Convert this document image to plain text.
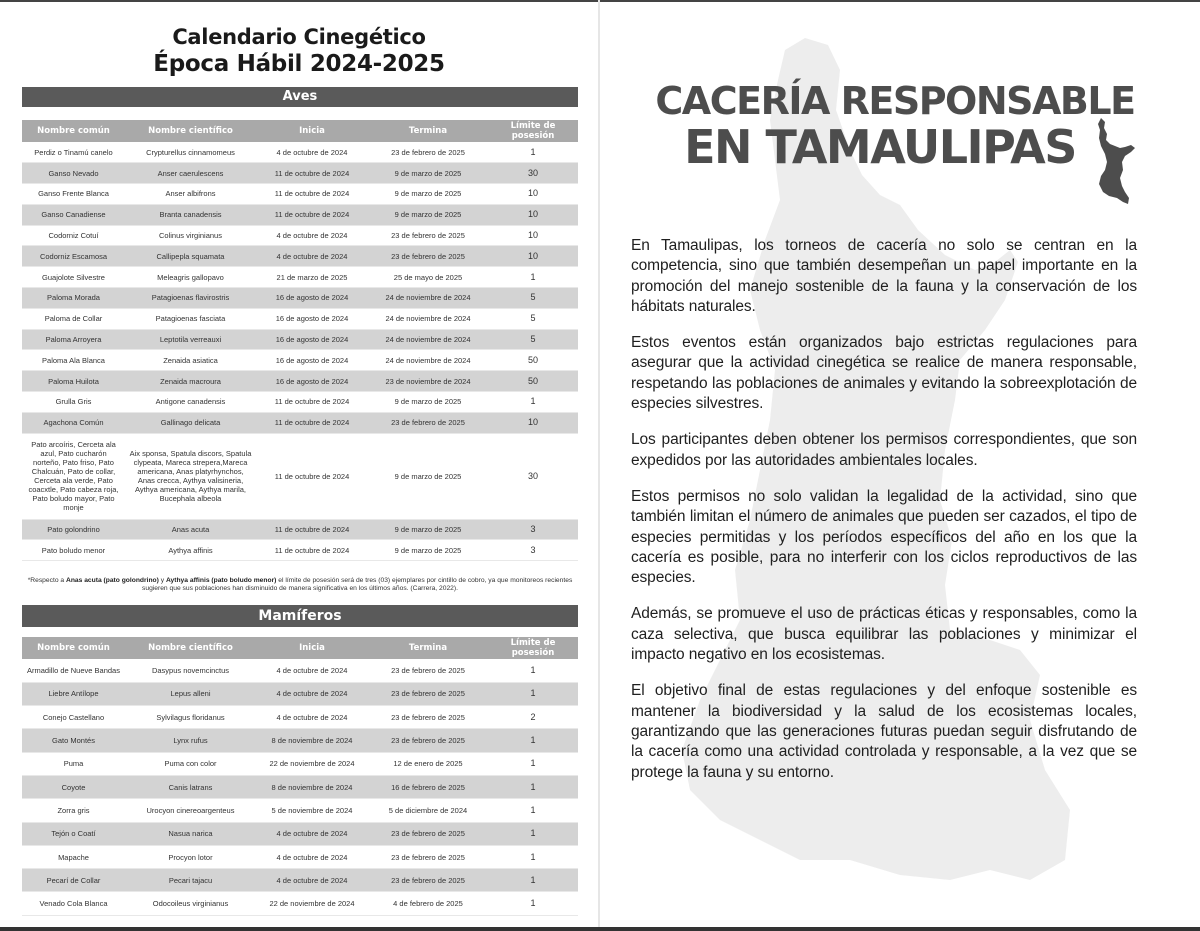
Calendario Cinegético
Época Hábil 2024-2025
Aves
Nombre común	Nombre científico	Inicia	Termina	Límite de posesión
Perdiz o Tinamú canelo	Crypturellus cinnamomeus	4 de octubre de 2024	23 de febrero de 2025	1
Ganso Nevado	Anser caerulescens	11 de octubre de 2024	9 de marzo de 2025	30
Ganso Frente Blanca	Anser albifrons	11 de octubre de 2024	9 de marzo de 2025	10
Ganso Canadiense	Branta canadensis	11 de octubre de 2024	9 de marzo de 2025	10
Codorniz Cotuí	Colinus virginianus	4 de octubre de 2024	23 de febrero de 2025	10
Codorniz Escamosa	Callipepla squamata	4 de octubre de 2024	23 de febrero de 2025	10
Guajolote Silvestre	Meleagris gallopavo	21 de marzo de 2025	25 de mayo de 2025	1
Paloma Morada	Patagioenas flavirostris	16 de agosto de 2024	24 de noviembre de 2024	5
Paloma de Collar	Patagioenas fasciata	16 de agosto de 2024	24 de noviembre de 2024	5
Paloma Arroyera	Leptotila verreauxi	16 de agosto de 2024	24 de noviembre de 2024	5
Paloma Ala Blanca	Zenaida asiatica	16 de agosto de 2024	24 de noviembre de 2024	50
Paloma Huilota	Zenaida macroura	16 de agosto de 2024	23 de noviembre de 2024	50
Grulla Gris	Antigone canadensis	11 de octubre de 2024	9 de marzo de 2025	1
Agachona Común	Gallinago delicata	11 de octubre de 2024	23 de febrero de 2025	10
Pato arcoíris, Cerceta ala azul, Pato cucharón norteño, Pato friso, Pato Chalcuán, Pato de collar, Cerceta ala verde, Pato coacxtle, Pato cabeza roja, Pato boludo mayor, Pato monje	Aix sponsa, Spatula discors, Spatula clypeata, Mareca strepera,Mareca americana, Anas platyrhynchos, Anas crecca, Aythya valisineria, Aythya americana, Aythya marila, Bucephala albeola	11 de octubre de 2024	9 de marzo de 2025	30
Pato golondrino	Anas acuta	11 de octubre de 2024	9 de marzo de 2025	3
Pato boludo menor	Aythya affinis	11 de octubre de 2024	9 de marzo de 2025	3

*Respecto a Anas acuta (pato golondrino) y Aythya affinis (pato boludo menor) el límite de posesión será de tres (03) ejemplares por cintillo de cobro, ya que monitoreos recientes sugieren que sus poblaciones han disminuido de manera significativa en los últimos años. (Carrera, 2022).

Mamíferos
Nombre común	Nombre científico	Inicia	Termina	Límite de posesión
Armadillo de Nueve Bandas	Dasypus novemcinctus	4 de octubre de 2024	23 de febrero de 2025	1
Liebre Antílope	Lepus alleni	4 de octubre de 2024	23 de febrero de 2025	1
Conejo Castellano	Sylvilagus floridanus	4 de octubre de 2024	23 de febrero de 2025	2
Gato Montés	Lynx rufus	8 de noviembre de 2024	23 de febrero de 2025	1
Puma	Puma con color	22 de noviembre de 2024	12 de enero de 2025	1
Coyote	Canis latrans	8 de noviembre de 2024	16 de febrero de 2025	1
Zorra gris	Urocyon cinereoargenteus	5 de noviembre de 2024	5 de diciembre de 2024	1
Tejón o Coatí	Nasua narica	4 de octubre de 2024	23 de febrero de 2025	1
Mapache	Procyon lotor	4 de octubre de 2024	23 de febrero de 2025	1
Pecarí de Collar	Pecari tajacu	4 de octubre de 2024	23 de febrero de 2025	1
Venado Cola Blanca	Odocoileus virginianus	22 de noviembre de 2024	4 de febrero de 2025	1
CACERÍA RESPONSABLE
EN TAMAULIPAS

En Tamaulipas, los torneos de cacería no solo se centran en la competencia, sino que también desempeñan un papel importante en la promoción del manejo sostenible de la fauna y la conservación de los hábitats naturales.

Estos eventos están organizados bajo estrictas regulaciones para asegurar que la actividad cinegética se realice de manera responsable, respetando las poblaciones de animales y evitando la sobreexplotación de especies silvestres.

Los participantes deben obtener los permisos correspondientes, que son expedidos por las autoridades ambientales locales.

Estos permisos no solo validan la legalidad de la actividad, sino que también limitan el número de animales que pueden ser cazados, el tipo de especies permitidas y los períodos específicos del año en los que la cacería es posible, para no interferir con los ciclos reproductivos de las especies.

Además, se promueve el uso de prácticas éticas y responsables, como la caza selectiva, que busca equilibrar las poblaciones y minimizar el impacto negativo en los ecosistemas.

El objetivo final de estas regulaciones y del enfoque sostenible es mantener la biodiversidad y la salud de los ecosistemas locales, garantizando que las generaciones futuras puedan seguir disfrutando de la cacería como una actividad controlada y responsable, a la vez que se protege la fauna y su entorno.
